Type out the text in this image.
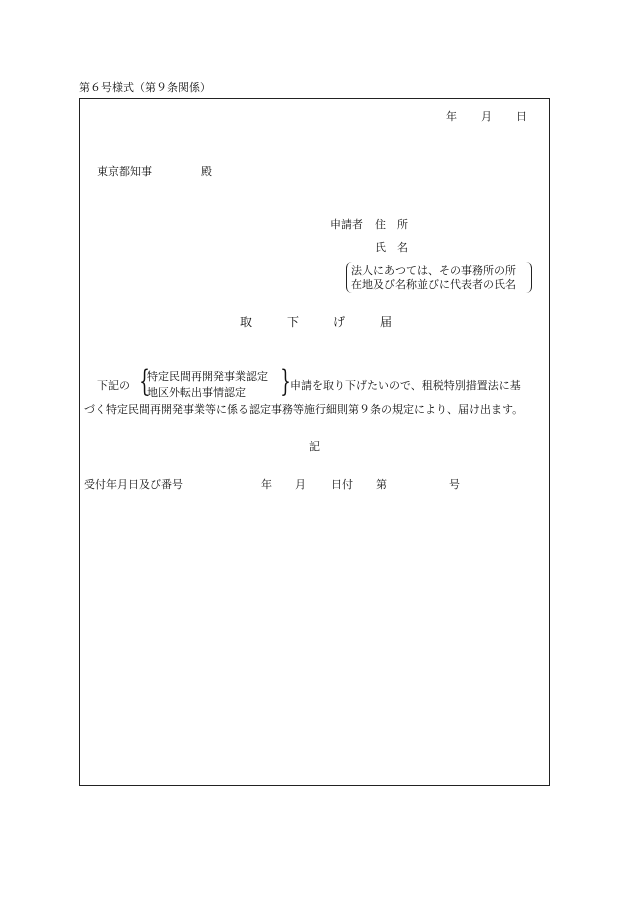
第６号様式（第９条関係）
年 月 日
東京都知事	殿
申請者 住　所
氏　名
法人にあつては、その事務所の所
在地及び名称並びに代表者の氏名
取	下	げ	届
下記の {
特定民間再開発事業認定
地区外転出事情認定 } 申請を取り下げたいので、租税特別措置法に基
づく特定民間再開発事業等に係る認定事務等施行細則第９条の規定により、届け出ます。
記
受付年月日及び番号	年 月 日付 第	号
